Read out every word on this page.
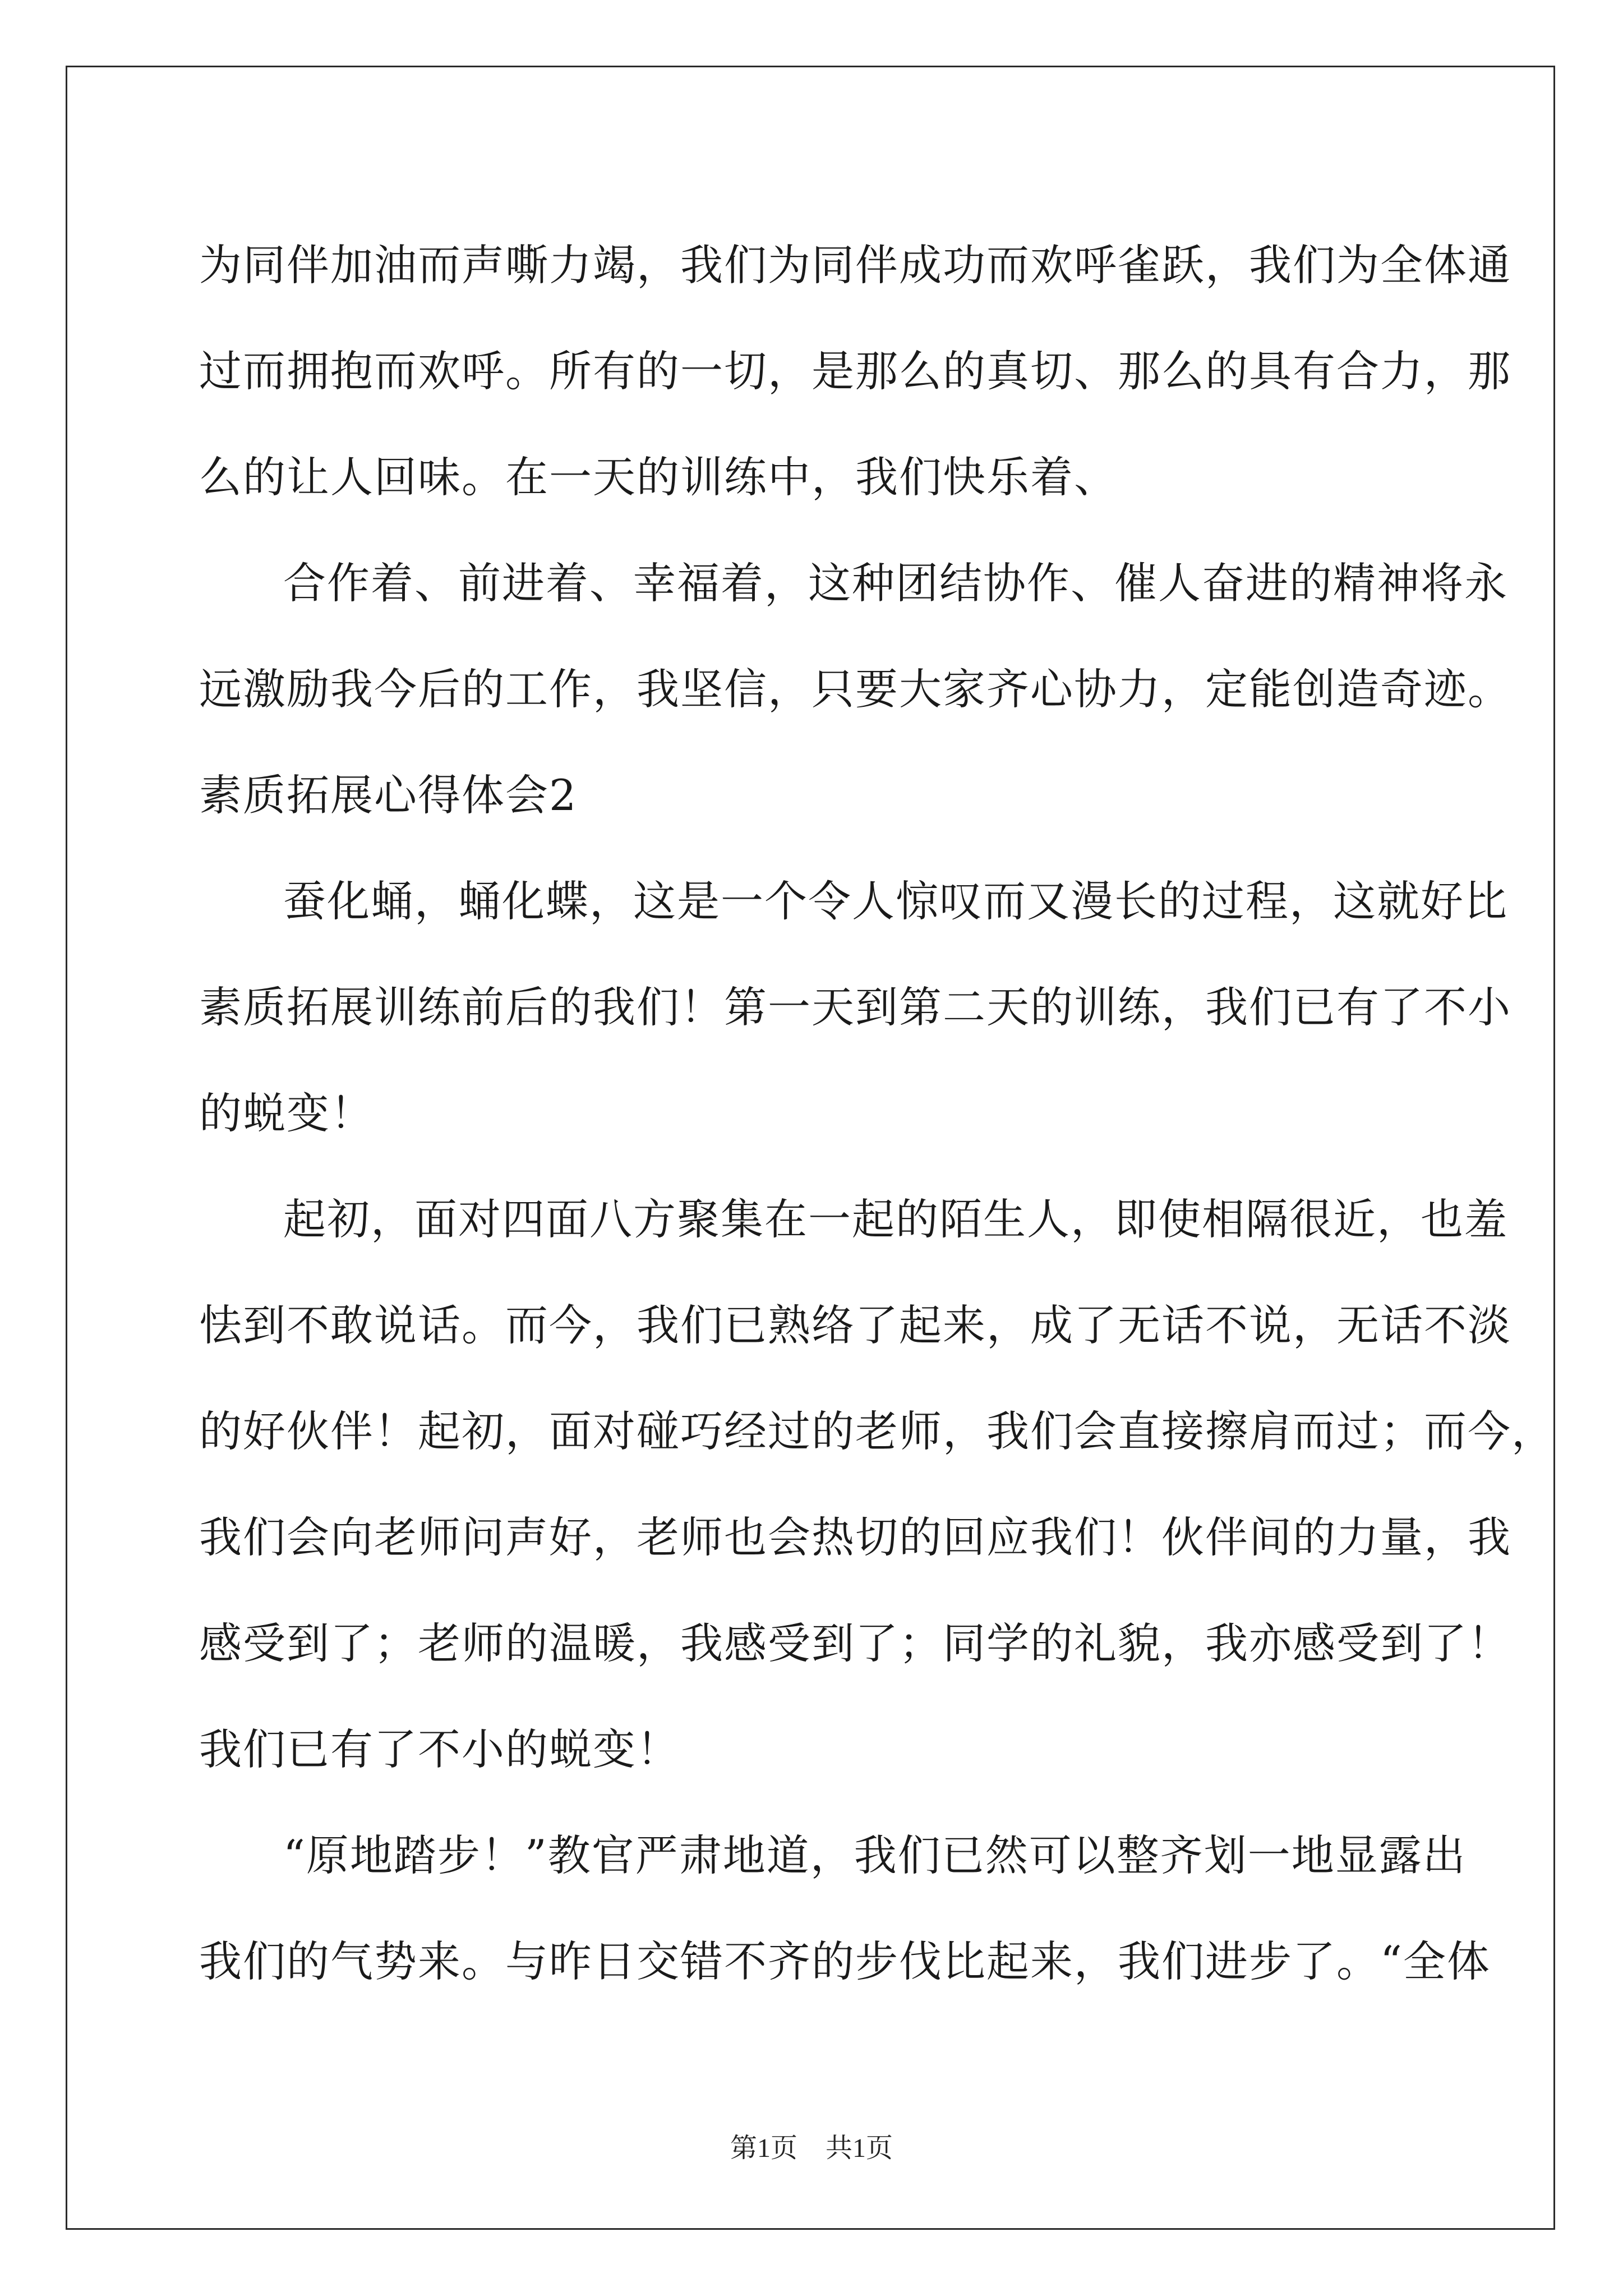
为同伴加油而声嘶力竭，我们为同伴成功而欢呼雀跃，我们为全体通
过而拥抱而欢呼。所有的一切，是那么的真切、那么的具有合力，那
么的让人回味。在一天的训练中，我们快乐着、
合作着、前进着、幸福着，这种团结协作、催人奋进的精神将永
远激励我今后的工作，我坚信，只要大家齐心协力，定能创造奇迹。
素质拓展心得体会2
蚕化蛹，蛹化蝶，这是一个令人惊叹而又漫长的过程，这就好比
素质拓展训练前后的我们！第一天到第二天的训练，我们已有了不小
的蜕变！
起初，面对四面八方聚集在一起的陌生人，即使相隔很近，也羞
怯到不敢说话。而今，我们已熟络了起来，成了无话不说，无话不淡
的好伙伴！起初，面对碰巧经过的老师，我们会直接擦肩而过；而今，
我们会向老师问声好，老师也会热切的回应我们！伙伴间的力量，我
感受到了；老师的温暖，我感受到了；同学的礼貌，我亦感受到了！
我们已有了不小的蜕变！
“原地踏步！”教官严肃地道，我们已然可以整齐划一地显露出
我们的气势来。与昨日交错不齐的步伐比起来，我们进步了。“全体
第1页 共1页
